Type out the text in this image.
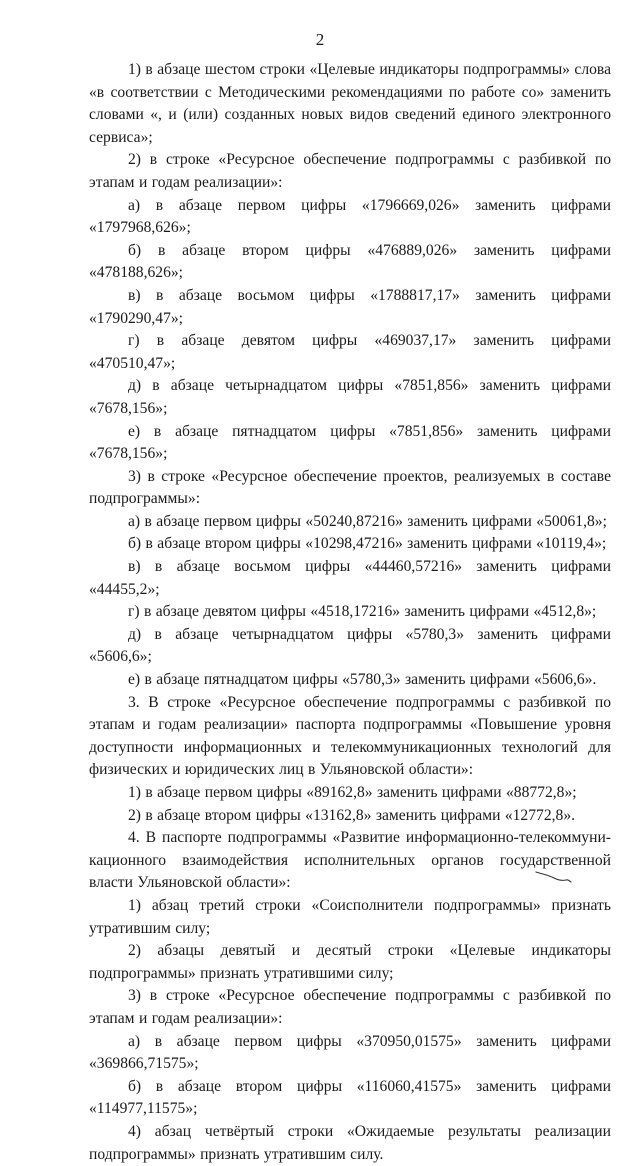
2

1) в абзаце шестом строки «Целевые индикаторы подпрограммы» слова «в соответствии с Методическими рекомендациями по работе со» заменить словами «, и (или) созданных новых видов сведений единого электронного сервиса»;

2) в строке «Ресурсное обеспечение подпрограммы с разбивкой по этапам и годам реализации»:

а) в абзаце первом цифры «1796669,026» заменить цифрами «1797968,626»;

б) в абзаце втором цифры «476889,026» заменить цифрами «478188,626»;

в) в абзаце восьмом цифры «1788817,17» заменить цифрами «1790290,47»;

г) в абзаце девятом цифры «469037,17» заменить цифрами «470510,47»;

д) в абзаце четырнадцатом цифры «7851,856» заменить цифрами «7678,156»;

е) в абзаце пятнадцатом цифры «7851,856» заменить цифрами «7678,156»;

3) в строке «Ресурсное обеспечение проектов, реализуемых в составе подпрограммы»:

а) в абзаце первом цифры «50240,87216» заменить цифрами «50061,8»;

б) в абзаце втором цифры «10298,47216» заменить цифрами «10119,4»;

в) в абзаце восьмом цифры «44460,57216» заменить цифрами «44455,2»;

г) в абзаце девятом цифры «4518,17216» заменить цифрами «4512,8»;

д) в абзаце четырнадцатом цифры «5780,3» заменить цифрами «5606,6»;

е) в абзаце пятнадцатом цифры «5780,3» заменить цифрами «5606,6».

3. В строке «Ресурсное обеспечение подпрограммы с разбивкой по этапам и годам реализации» паспорта подпрограммы «Повышение уровня доступности информационных и телекоммуникационных технологий для физических и юридических лиц в Ульяновской области»:

1) в абзаце первом цифры «89162,8» заменить цифрами «88772,8»;

2) в абзаце втором цифры «13162,8» заменить цифрами «12772,8».

4. В паспорте подпрограммы «Развитие информационно-телекоммуни-кационного взаимодействия исполнительных органов государственной власти Ульяновской области»:

1) абзац третий строки «Соисполнители подпрограммы» признать утратившим силу;

2) абзацы девятый и десятый строки «Целевые индикаторы подпрограммы» признать утратившими силу;

3) в строке «Ресурсное обеспечение подпрограммы с разбивкой по этапам и годам реализации»:

а) в абзаце первом цифры «370950,01575» заменить цифрами «369866,71575»;

б) в абзаце втором цифры «116060,41575» заменить цифрами «114977,11575»;

4) абзац четвёртый строки «Ожидаемые результаты реализации подпрограммы» признать утратившим силу.
